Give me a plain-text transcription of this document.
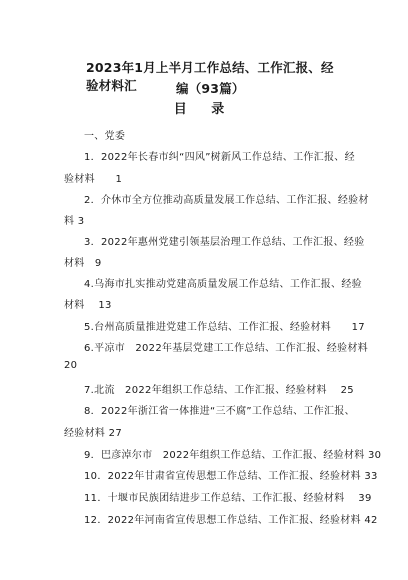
2023年1月上半月工作总结、工作汇报、经验材料汇	编（93篇）
目 录
一、党委
1．2022年长春市纠“四风”树新风工作总结、工作汇报、经
验材料　　1
2．介休市全方位推动高质量发展工作总结、工作汇报、经验材
料 3
3．2022年惠州党建引领基层治理工作总结、工作汇报、经验
材料　9
4.乌海市扎实推动党建高质量发展工作总结、工作汇报、经验
材料　 13
5.台州高质量推进党建工作总结、工作汇报、经验材料　　17
6.平凉市　2022年基层党建工工作总结、工作汇报、经验材料
20
7.北流　2022年组织工作总结、工作汇报、经验材料　 25
8．2022年浙江省一体推进“三不腐”工作总结、工作汇报、
经验材料 27
9．巴彦淖尔市　2022年组织工作总结、工作汇报、经验材料 30
10．2022年甘肃省宣传思想工作总结、工作汇报、经验材料 33
11．十堰市民族团结进步工作总结、工作汇报、经验材料　 39
12．2022年河南省宣传思想工作总结、工作汇报、经验材料 42
